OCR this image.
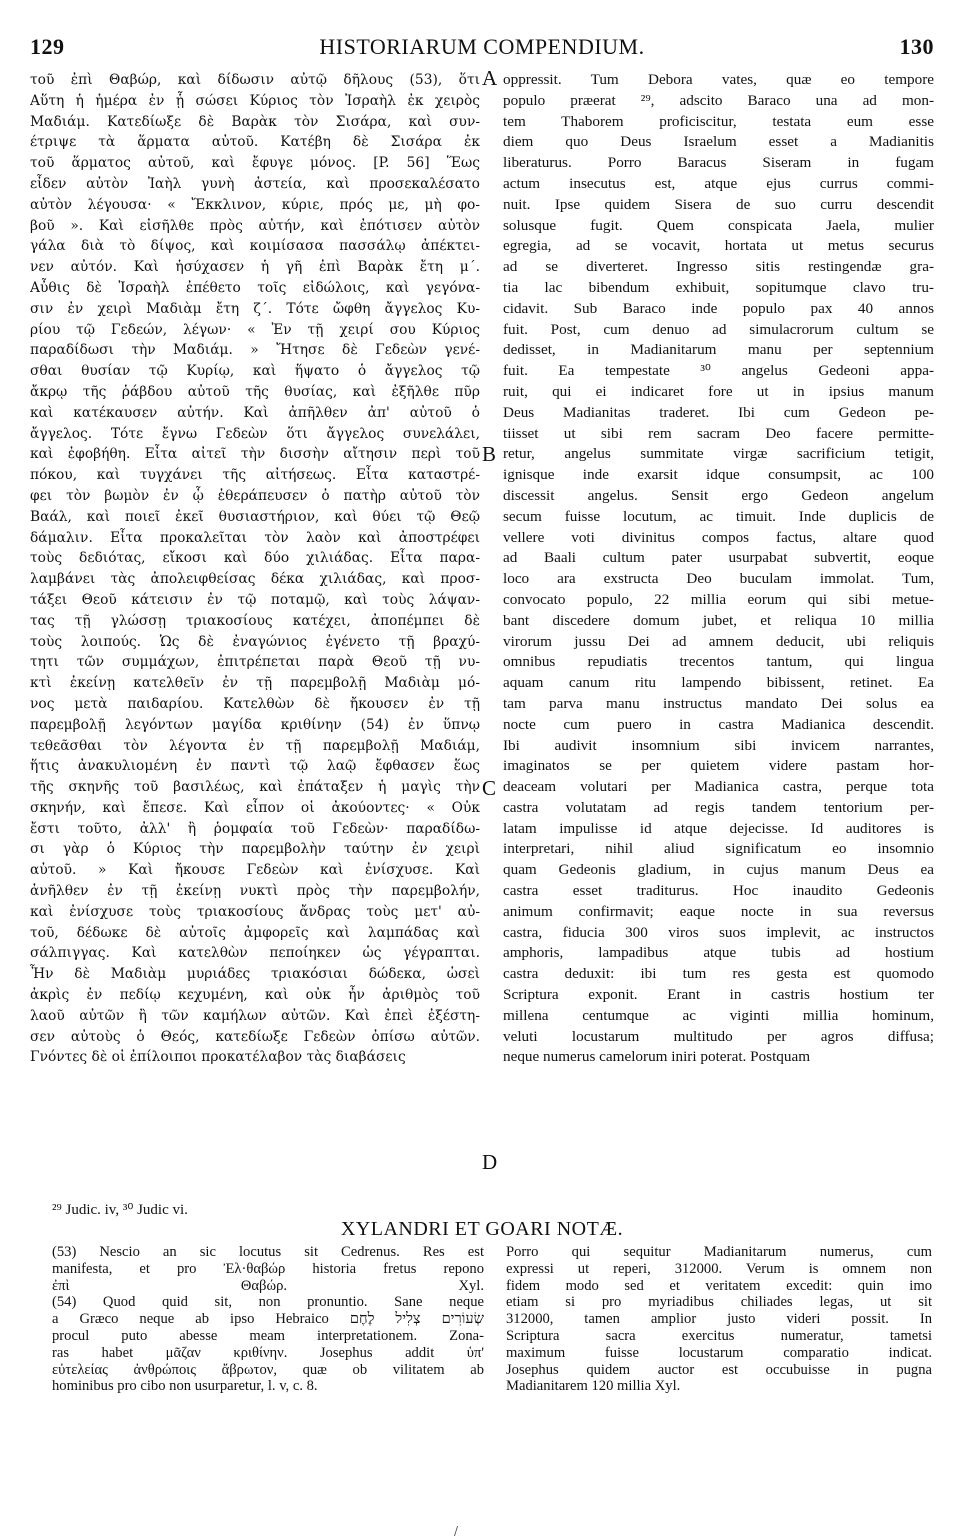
129	HISTORIARUM COMPENDIUM.	130
τοῦ ἐπὶ Θαβώρ, καὶ δίδωσιν αὐτῷ δῆλους (53), ὅτι
Αὕτη ἡ ἡμέρα ἐν ᾗ σώσει Κύριος τὸν Ἰσραὴλ ἐκ χειρὸς
Μαδιάμ. Κατεδίωξε δὲ Βαρὰκ τὸν Σισάρα, καὶ συν-
έτριψε τὰ ἅρματα αὐτοῦ. Κατέβη δὲ Σισάρα ἐκ
τοῦ ἅρματος αὐτοῦ, καὶ ἔφυγε μόνος. [P. 56] Ἕως
εἶδεν αὐτὸν Ἰαὴλ γυνὴ ἀστεία, καὶ προσεκαλέσατο
αὐτὸν λέγουσα· « Ἔκκλινον, κύριε, πρός με, μὴ φο-
βοῦ ». Καὶ εἰσῆλθε πρὸς αὐτήν, καὶ ἐπότισεν αὐτὸν
γάλα διὰ τὸ δίψος, καὶ κοιμίσασα πασσάλῳ ἀπέκτει-
νεν αὐτόν. Καὶ ἡσύχασεν ἡ γῆ ἐπὶ Βαρὰκ ἔτη μ΄.
Αὖθις δὲ Ἰσραὴλ ἐπέθετο τοῖς εἰδώλοις, καὶ γεγόνα-
σιν ἐν χειρὶ Μαδιὰμ ἔτη ζ΄. Τότε ὤφθη ἄγγελος Κυ-
ρίου τῷ Γεδεών, λέγων· « Ἐν τῇ χειρί σου Κύριος
παραδίδωσι τὴν Μαδιάμ. » Ἤτησε δὲ Γεδεὼν γενέ-
σθαι θυσίαν τῷ Κυρίῳ, καὶ ἥψατο ὁ ἄγγελος τῷ
ἄκρῳ τῆς ῥάβδου αὐτοῦ τῆς θυσίας, καὶ ἐξῆλθε πῦρ
καὶ κατέκαυσεν αὐτήν. Καὶ ἀπῆλθεν ἀπ' αὐτοῦ ὁ
ἄγγελος. Τότε ἔγνω Γεδεὼν ὅτι ἄγγελος συνελάλει,
καὶ ἐφοβήθη. Εἶτα αἰτεῖ τὴν δισσὴν αἴτησιν περὶ τοῦ
πόκου, καὶ τυγχάνει τῆς αἰτήσεως. Εἶτα καταστρέ-
φει τὸν βωμὸν ἐν ᾧ ἐθεράπευσεν ὁ πατὴρ αὐτοῦ τὸν
Βαάλ, καὶ ποιεῖ ἐκεῖ θυσιαστήριον, καὶ θύει τῷ Θεῷ
δάμαλιν. Εἶτα προκαλεῖται τὸν λαὸν καὶ ἀποστρέφει
τοὺς δεδιότας, εἴκοσι καὶ δύο χιλιάδας. Εἶτα παρα-
λαμβάνει τὰς ἀπολειφθείσας δέκα χιλιάδας, καὶ προσ-
τάξει Θεοῦ κάτεισιν ἐν τῷ ποταμῷ, καὶ τοὺς λάψαν-
τας τῇ γλώσσῃ τριακοσίους κατέχει, ἀποπέμπει δὲ
τοὺς λοιπούς. Ὡς δὲ ἐναγώνιος ἐγένετο τῇ βραχύ-
τητι τῶν συμμάχων, ἐπιτρέπεται παρὰ Θεοῦ τῇ νυ-
κτὶ ἐκείνῃ κατελθεῖν ἐν τῇ παρεμβολῇ Μαδιὰμ μό-
νος μετὰ παιδαρίου. Κατελθὼν δὲ ἤκουσεν ἐν τῇ
παρεμβολῇ λεγόντων μαγίδα κριθίνην (54) ἐν ὕπνῳ
τεθεᾶσθαι τὸν λέγοντα ἐν τῇ παρεμβολῇ Μαδιάμ,
ἥτις ἀνακυλιομένη ἐν παντὶ τῷ λαῷ ἔφθασεν ἕως
τῆς σκηνῆς τοῦ βασιλέως, καὶ ἐπάταξεν ἡ μαγὶς τὴν
σκηνήν, καὶ ἔπεσε. Καὶ εἶπον οἱ ἀκούοντες· « Οὐκ
ἔστι τοῦτο, ἀλλ' ἢ ῥομφαία τοῦ Γεδεὼν· παραδίδω-
σι γὰρ ὁ Κύριος τὴν παρεμβολὴν ταύτην ἐν χειρὶ
αὐτοῦ. » Καὶ ἤκουσε Γεδεὼν καὶ ἐνίσχυσε. Καὶ
ἀνῆλθεν ἐν τῇ ἐκείνῃ νυκτὶ πρὸς τὴν παρεμβολήν,
καὶ ἐνίσχυσε τοὺς τριακοσίους ἄνδρας τοὺς μετ' αὐ-
τοῦ, δέδωκε δὲ αὐτοῖς ἀμφορεῖς καὶ λαμπάδας καὶ
σάλπιγγας. Καὶ κατελθὼν πεποίηκεν ὡς γέγραπται.
Ἦν δὲ Μαδιὰμ μυριάδες τριακόσιαι δώδεκα, ὡσεὶ
ἀκρὶς ἐν πεδίῳ κεχυμένη, καὶ οὐκ ἦν ἀριθμὸς τοῦ
λαοῦ αὐτῶν ἢ τῶν καμήλων αὐτῶν. Καὶ ἐπεὶ ἐξέστη-
σεν αὐτοὺς ὁ Θεός, κατεδίωξε Γεδεὼν ὀπίσω αὐτῶν.
Γνόντες δὲ οἱ ἐπίλοιποι προκατέλαβον τὰς διαβάσεις
oppressit. Tum Debora vates, quæ eo tempore
populo præerat ²⁹, adscito Baraco una ad mon-
tem Thaborem proficiscitur, testata eum esse
diem quo Deus Israelum esset a Madianitis
liberaturus. Porro Baracus Siseram in fugam
actum insecutus est, atque ejus currus commi-
nuit. Ipse quidem Sisera de suo curru descendit
solusque fugit. Quem conspicata Jaela, mulier
egregia, ad se vocavit, hortata ut metus securus
ad se diverteret. Ingresso sitis restingendæ gra-
tia lac bibendum exhibuit, sopitumque clavo tru-
cidavit. Sub Baraco inde populo pax 40 annos
fuit. Post, cum denuo ad simulacrorum cultum se
dedisset, in Madianitarum manu per septennium
fuit. Ea tempestate ³⁰ angelus Gedeoni appa-
ruit, qui ei indicaret fore ut in ipsius manum
Deus Madianitas traderet. Ibi cum Gedeon pe-
tiisset ut sibi rem sacram Deo facere permitte-
retur, angelus summitate virgæ sacrificium tetigit,
ignisque inde exarsit idque consumpsit, ac 100
discessit angelus. Sensit ergo Gedeon angelum
secum fuisse locutum, ac timuit. Inde duplicis de
vellere voti divinitus compos factus, altare quod
ad Baali cultum pater usurpabat subvertit, eoque
loco ara exstructa Deo buculam immolat. Tum,
convocato populo, 22 millia eorum qui sibi metue-
bant discedere domum jubet, et reliqua 10 millia
virorum jussu Dei ad amnem deducit, ubi reliquis
omnibus repudiatis trecentos tantum, qui lingua
aquam canum ritu lampendo bibissent, retinet. Ea
tam parva manu instructus mandato Dei solus ea
nocte cum puero in castra Madianica descendit.
Ibi audivit insomnium sibi invicem narrantes,
imaginatos se per quietem videre pastam hor-
deaceam volutari per Madianica castra, perque tota
castra volutatam ad regis tandem tentorium per-
latam impulisse id atque dejecisse. Id auditores is
interpretari, nihil aliud significatum eo insomnio
quam Gedeonis gladium, in cujus manum Deus ea
castra esset traditurus. Hoc inaudito Gedeonis
animum confirmavit; eaque nocte in sua reversus
castra, fiducia 300 viros suos implevit, ac instructos
amphoris, lampadibus atque tubis ad hostium
castra deduxit: ibi tum res gesta est quomodo
Scriptura exponit. Erant in castris hostium ter
millena centumque ac viginti millia hominum,
veluti locustarum multitudo per agros diffusa;
neque numerus camelorum iniri poterat. Postquam
A
B
C
D
²⁹ Judic. iv, ³⁰ Judic vi.
XYLANDRI ET GOARI NOTÆ.
(53) Nescio an sic locutus sit Cedrenus. Res est
manifesta, et pro Ἐλ·θαβώρ historia fretus repono
ἐπὶ Θαβώρ. Xyl.
(54) Quod quid sit, non pronuntio. Sane neque
a Græco neque ab ipso Hebraico שְׂעוֹרִים צְלִיל לֶחֶם
procul puto abesse meam interpretationem. Zona-
ras habet μᾶζαν κριθίνην. Josephus addit ὑπ'
εὐτελείας ἀνθρώποις ἄβρωτον, quæ ob vilitatem ab
hominibus pro cibo non usurparetur, l. v, c. 8.
Porro qui sequitur Madianitarum numerus, cum
expressi ut reperi, 312000. Verum is omnem non
fidem modo sed et veritatem excedit: quin imo
etiam si pro myriadibus chiliades legas, ut sit
312000, tamen amplior justo videri possit. In
Scriptura sacra exercitus numeratur, tametsi
maximum fuisse locustarum comparatio indicat.
Josephus quidem auctor est occubuisse in pugna
Madianitarem 120 millia Xyl.
/
